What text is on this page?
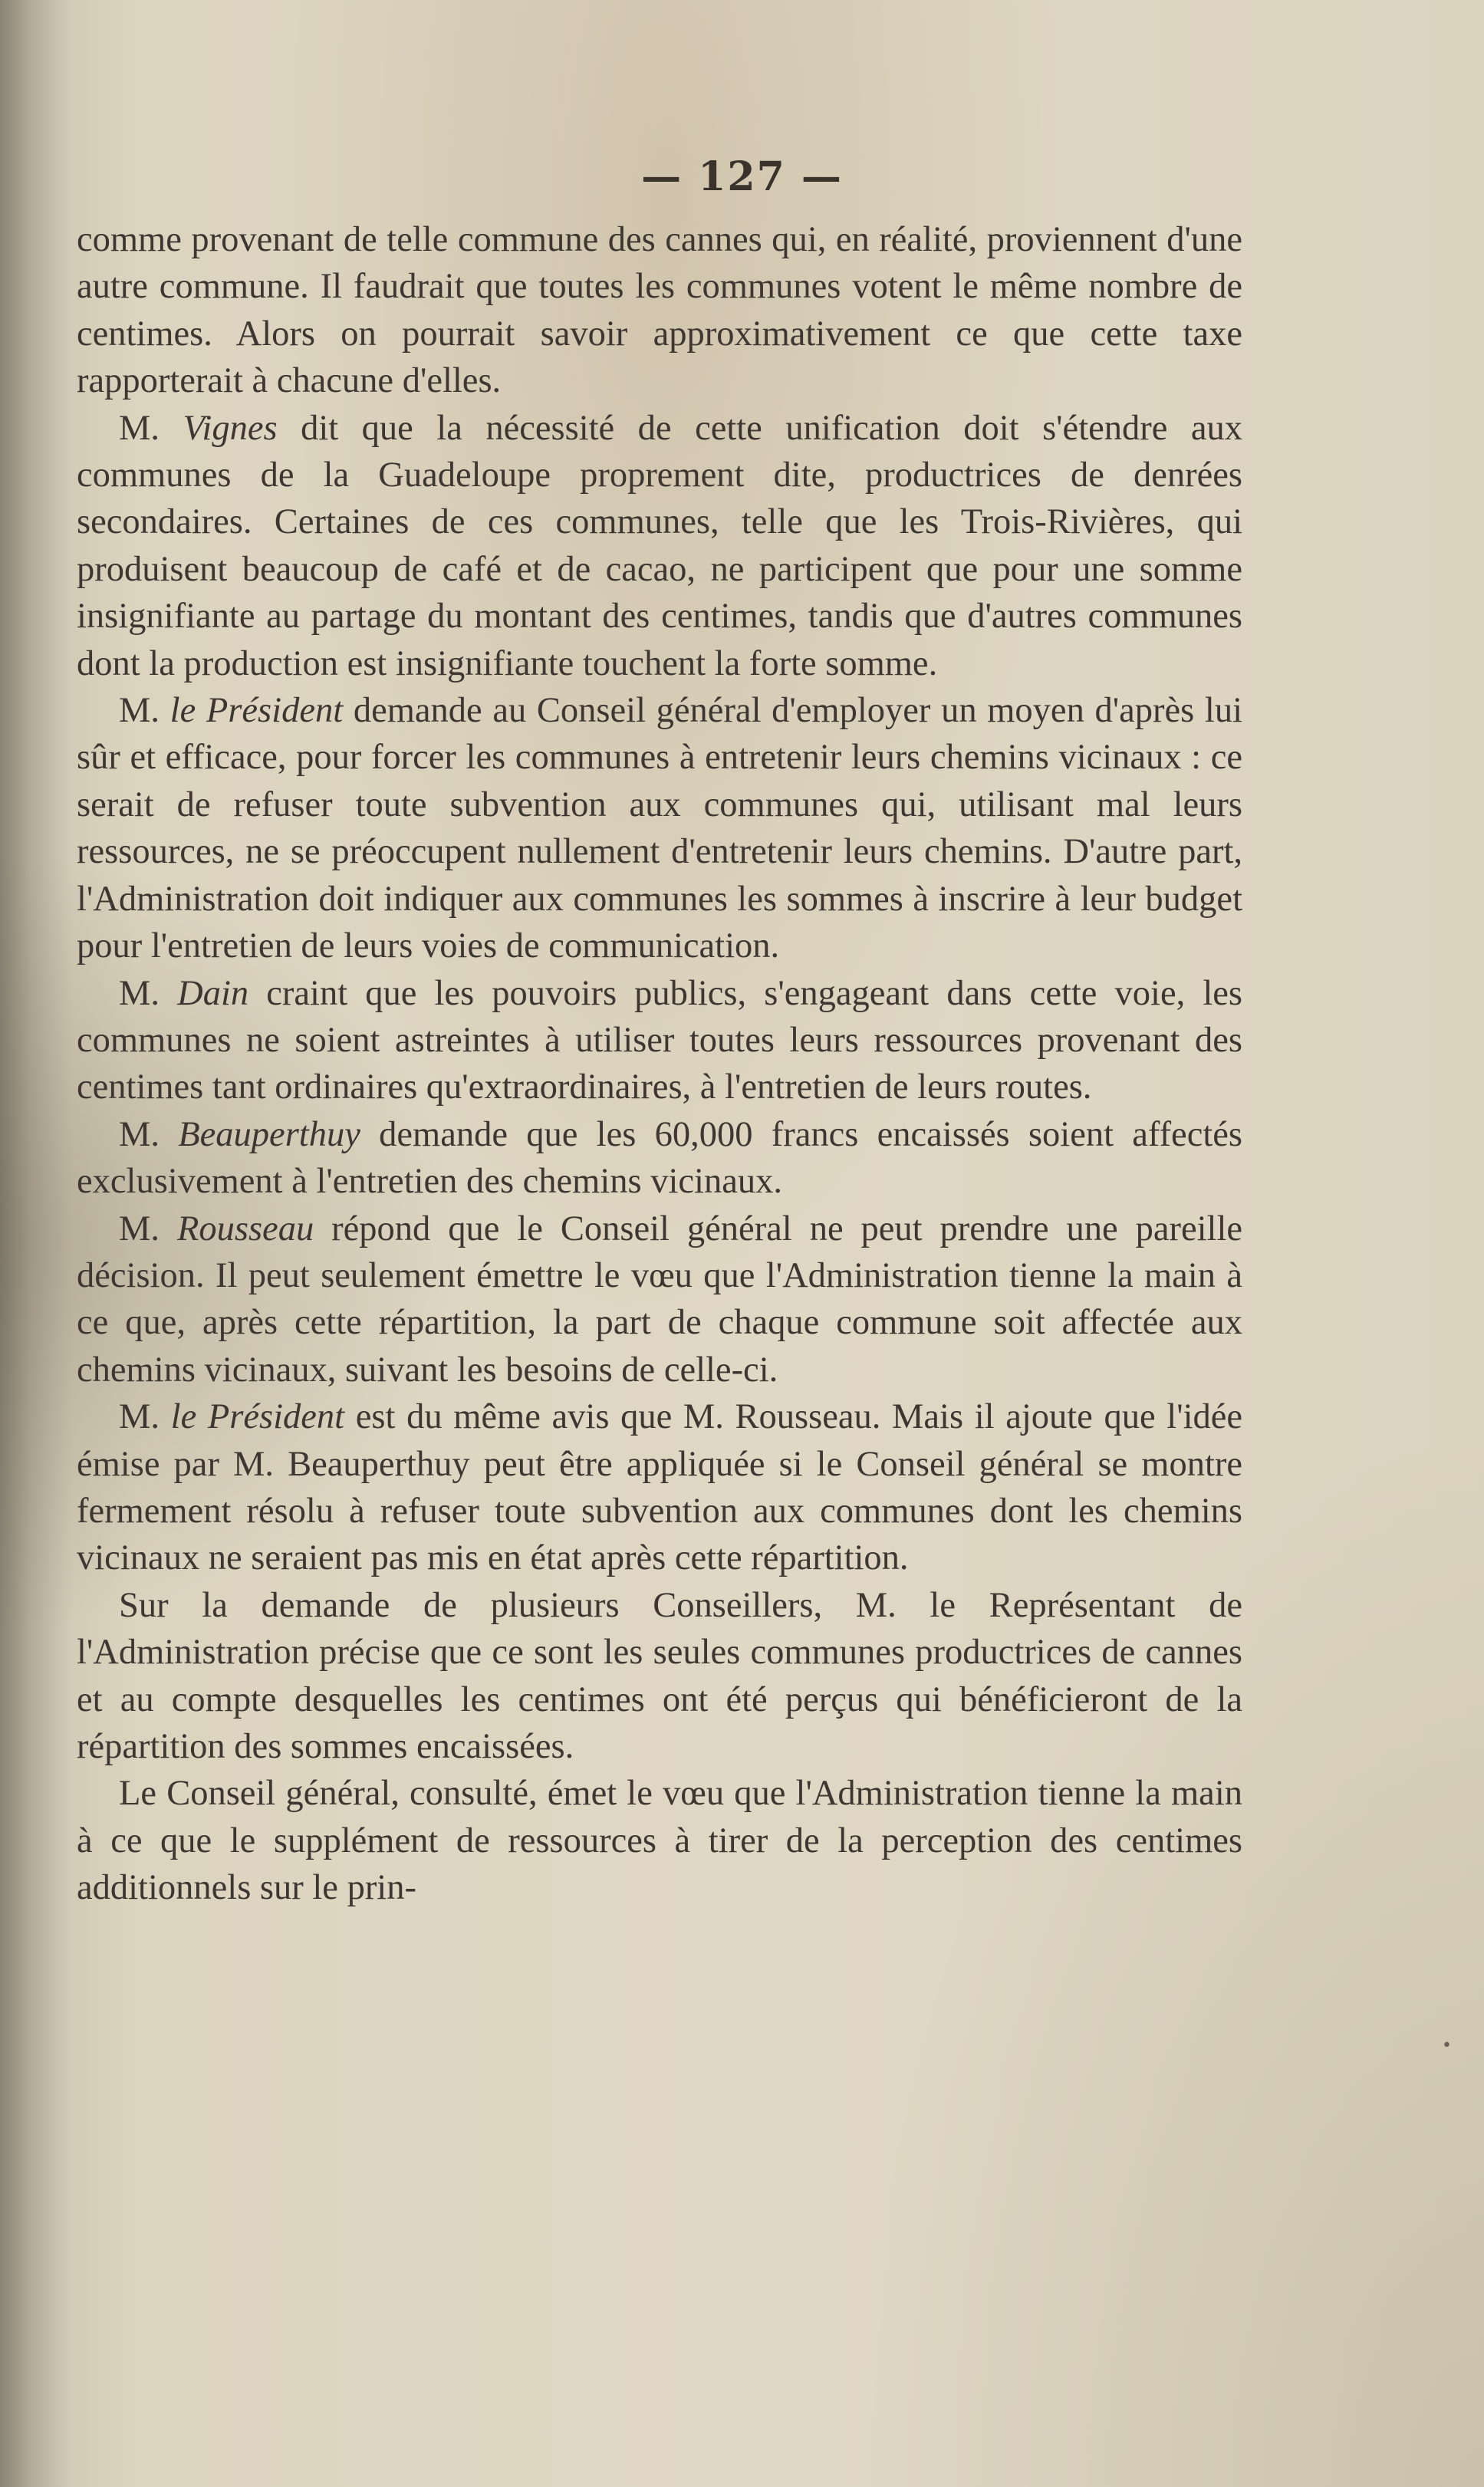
— 127 —

comme provenant de telle commune des cannes qui, en réalité, proviennent d'une autre commune. Il faudrait que toutes les communes votent le même nombre de centimes. Alors on pourrait savoir approximativement ce que cette taxe rapporterait à chacune d'elles.

M. Vignes dit que la nécessité de cette unification doit s'étendre aux communes de la Guadeloupe proprement dite, productrices de denrées secondaires. Certaines de ces communes, telle que les Trois-Rivières, qui produisent beaucoup de café et de cacao, ne participent que pour une somme insignifiante au partage du montant des centimes, tandis que d'autres communes dont la production est insignifiante touchent la forte somme.

M. le Président demande au Conseil général d'employer un moyen d'après lui sûr et efficace, pour forcer les communes à entretenir leurs chemins vicinaux : ce serait de refuser toute subvention aux communes qui, utilisant mal leurs ressources, ne se préoccupent nullement d'entretenir leurs chemins. D'autre part, l'Administration doit indiquer aux communes les sommes à inscrire à leur budget pour l'entretien de leurs voies de communication.

M. Dain craint que les pouvoirs publics, s'engageant dans cette voie, les communes ne soient astreintes à utiliser toutes leurs ressources provenant des centimes tant ordinaires qu'extraordinaires, à l'entretien de leurs routes.

M. Beauperthuy demande que les 60,000 francs encaissés soient affectés exclusivement à l'entretien des chemins vicinaux.

M. Rousseau répond que le Conseil général ne peut prendre une pareille décision. Il peut seulement émettre le vœu que l'Administration tienne la main à ce que, après cette répartition, la part de chaque commune soit affectée aux chemins vicinaux, suivant les besoins de celle-ci.

M. le Président est du même avis que M. Rousseau. Mais il ajoute que l'idée émise par M. Beauperthuy peut être appliquée si le Conseil général se montre fermement résolu à refuser toute subvention aux communes dont les chemins vicinaux ne seraient pas mis en état après cette répartition.

Sur la demande de plusieurs Conseillers, M. le Représentant de l'Administration précise que ce sont les seules communes productrices de cannes et au compte desquelles les centimes ont été perçus qui bénéficieront de la répartition des sommes encaissées.

Le Conseil général, consulté, émet le vœu que l'Administration tienne la main à ce que le supplément de ressources à tirer de la perception des centimes additionnels sur le prin-

•
